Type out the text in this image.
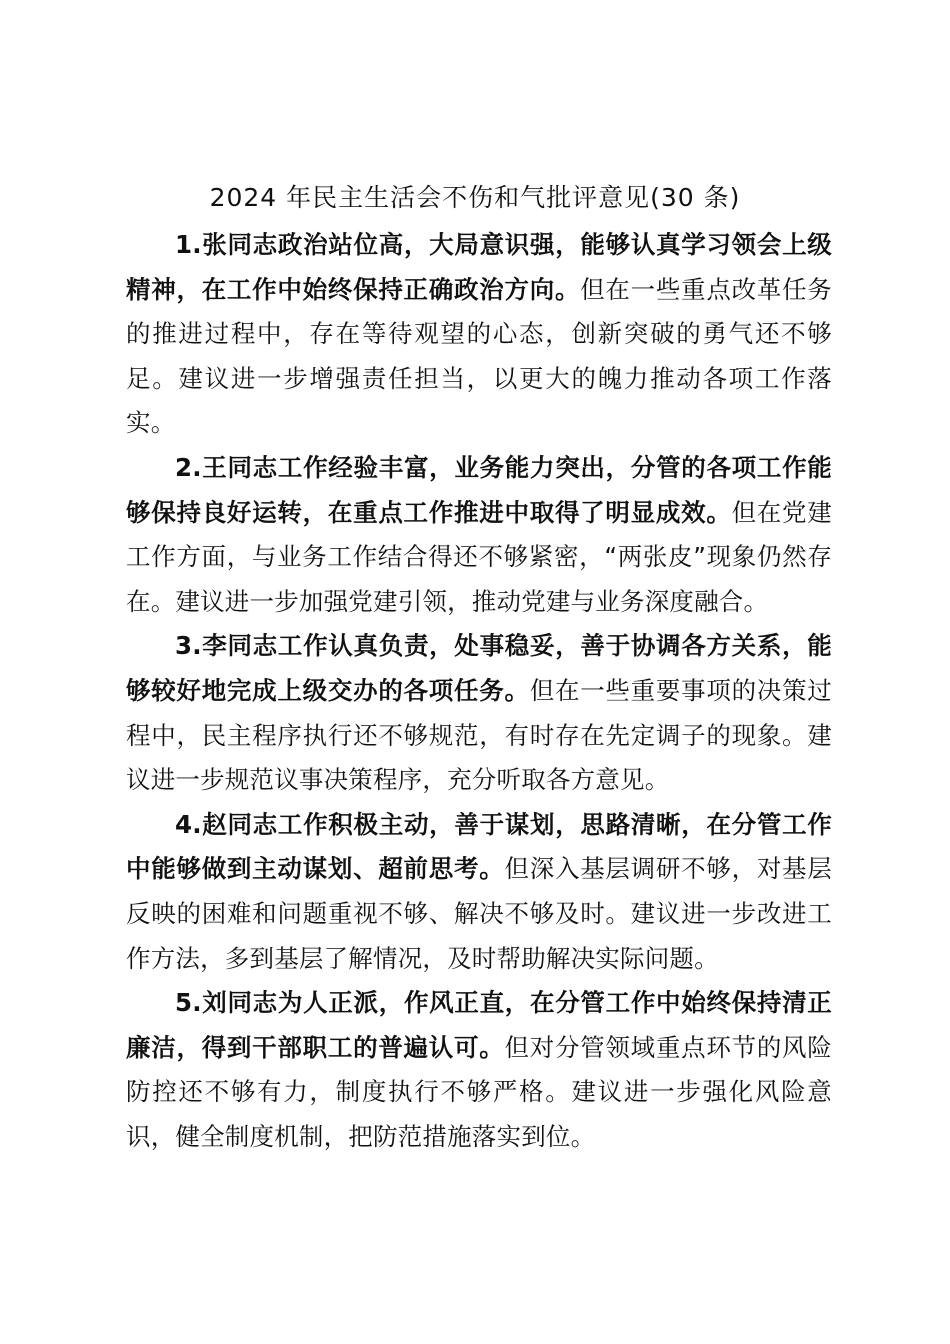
2024 年民主生活会不伤和气批评意见(30 条)

1.张同志政治站位高，大局意识强，能够认真学习领会上级精神，在工作中始终保持正确政治方向。但在一些重点改革任务的推进过程中，存在等待观望的心态，创新突破的勇气还不够足。建议进一步增强责任担当，以更大的魄力推动各项工作落实。

2.王同志工作经验丰富，业务能力突出，分管的各项工作能够保持良好运转，在重点工作推进中取得了明显成效。但在党建工作方面，与业务工作结合得还不够紧密，“两张皮”现象仍然存在。建议进一步加强党建引领，推动党建与业务深度融合。

3.李同志工作认真负责，处事稳妥，善于协调各方关系，能够较好地完成上级交办的各项任务。但在一些重要事项的决策过程中，民主程序执行还不够规范，有时存在先定调子的现象。建议进一步规范议事决策程序，充分听取各方意见。

4.赵同志工作积极主动，善于谋划，思路清晰，在分管工作中能够做到主动谋划、超前思考。但深入基层调研不够，对基层反映的困难和问题重视不够、解决不够及时。建议进一步改进工作方法，多到基层了解情况，及时帮助解决实际问题。

5.刘同志为人正派，作风正直，在分管工作中始终保持清正廉洁，得到干部职工的普遍认可。但对分管领域重点环节的风险防控还不够有力，制度执行不够严格。建议进一步强化风险意识，健全制度机制，把防范措施落实到位。
